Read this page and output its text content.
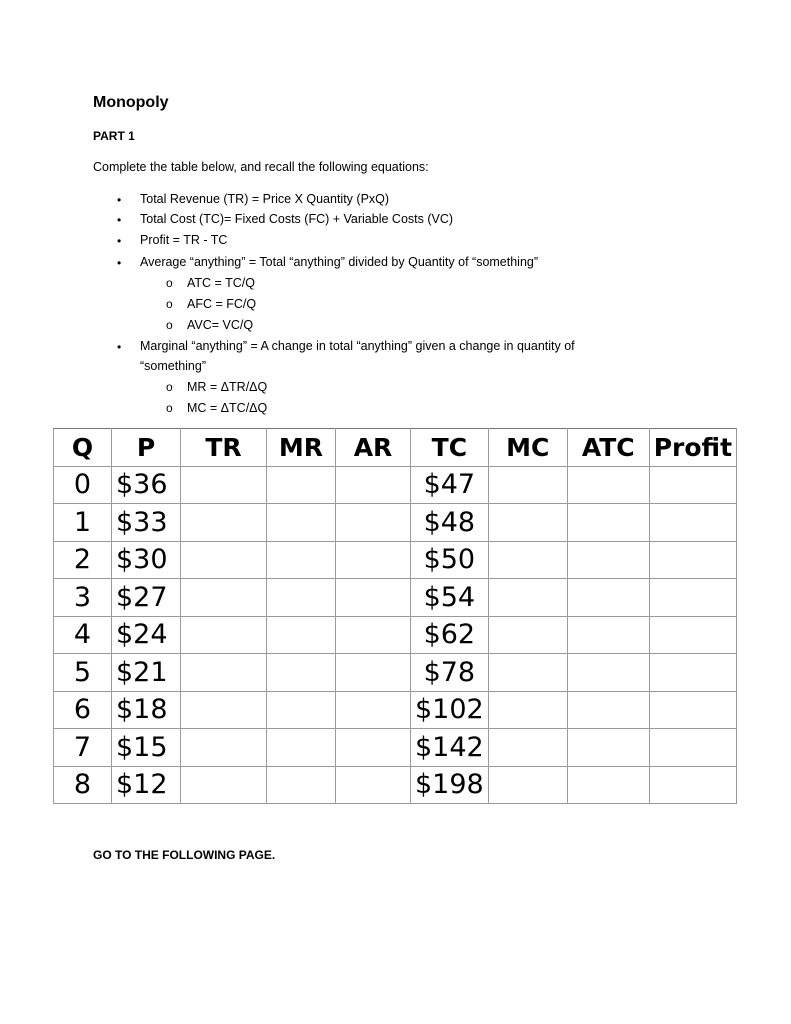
Monopoly
PART 1
Complete the table below, and recall the following equations:
• Total Revenue (TR) = Price X Quantity (PxQ)
• Total Cost (TC)= Fixed Costs (FC) + Variable Costs (VC)
• Profit = TR - TC
• Average “anything” = Total “anything” divided by Quantity of “something”
o ATC = TC/Q
o AFC = FC/Q
o AVC= VC/Q
• Marginal “anything” = A change in total “anything” given a change in quantity of
“something”
o MR = ΔTR/ΔQ
o MC = ΔTC/ΔQ
Q	P	TR	MR	AR	TC	MC	ATC	Profit
0	$36				$47			
1	$33				$48			
2	$30				$50			
3	$27				$54			
4	$24				$62			
5	$21				$78			
6	$18				$102			
7	$15				$142			
8	$12				$198			
GO TO THE FOLLOWING PAGE.
